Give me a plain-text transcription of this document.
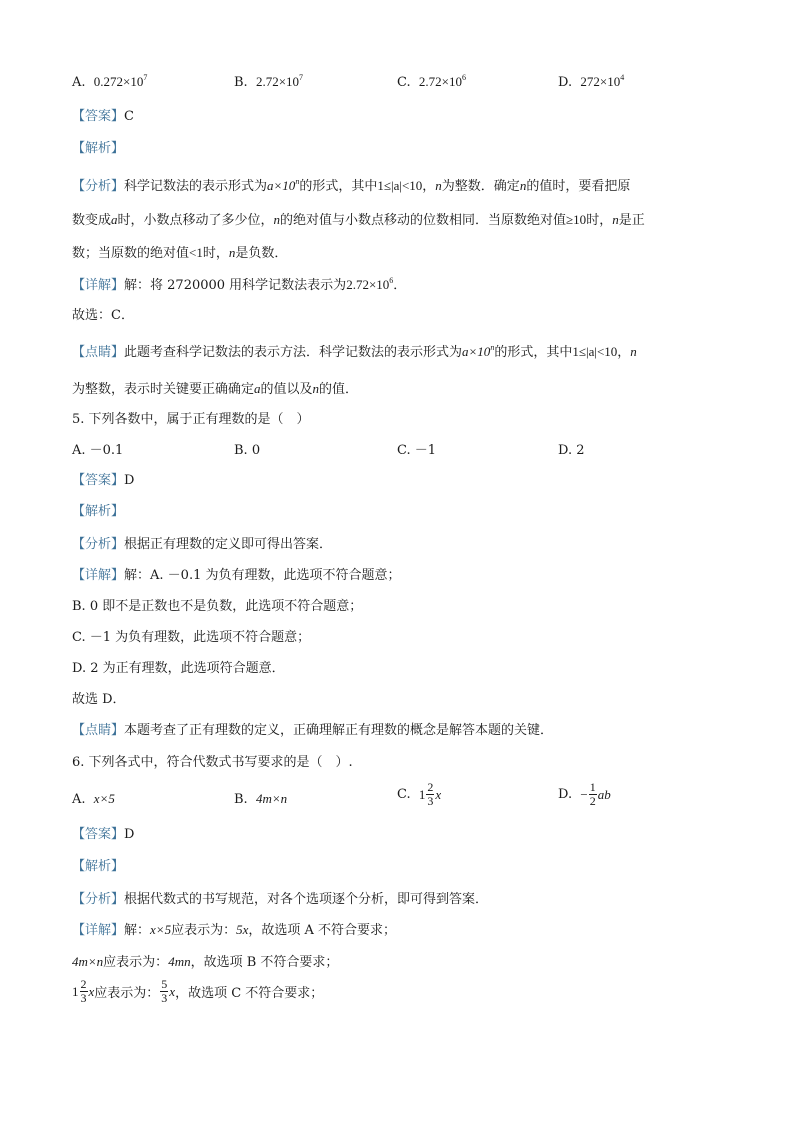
A. $0.272\times 10^7$	B. $2.72\times 10^7$	C. $2.72\times 10^6$	D. $272\times 10^4$
【答案】C
【解析】
【分析】科学记数法的表示形式为$a\times 10^n$的形式，其中1≤|a|<10，n为整数．确定n的值时，要看把原
数变成a时，小数点移动了多少位，n的绝对值与小数点移动的位数相同．当原数绝对值≥10时，n是正
数；当原数的绝对值<1时，n是负数．
【详解】解：将 2720000 用科学记数法表示为$2.72\times 10^6$．
故选：C．
【点睛】此题考查科学记数法的表示方法．科学记数法的表示形式为$a\times 10^n$的形式，其中1≤|a|<10，n
为整数，表示时关键要正确确定a的值以及n的值．
5. 下列各数中，属于正有理数的是（　）
A. －0.1	B. 0	C. －1	D. 2
【答案】D
【解析】
【分析】根据正有理数的定义即可得出答案．
【详解】解：A. －0.1 为负有理数，此选项不符合题意；
B. 0 即不是正数也不是负数，此选项不符合题意；
C. －1 为负有理数，此选项不符合题意；
D. 2 为正有理数，此选项符合题意．
故选 D．
【点睛】本题考查了正有理数的定义，正确理解正有理数的概念是解答本题的关键．
6. 下列各式中，符合代数式书写要求的是（　）.
A. x×5	B. 4m×n	C.
$1 \frac{2}{3}$ x	D.
− $\frac{1}{2}$ ab
【答案】D
【解析】
【分析】根据代数式的书写规范，对各个选项逐个分析，即可得到答案．
【详解】解：x×5应表示为：5x，故选项 A 不符合要求；
4m×n应表示为：4mn，故选项 B 不符合要求；
$1 \frac{2}{3}$ x 应表示为： $\frac{5}{3}$ x ，故选项 C 不符合要求；
